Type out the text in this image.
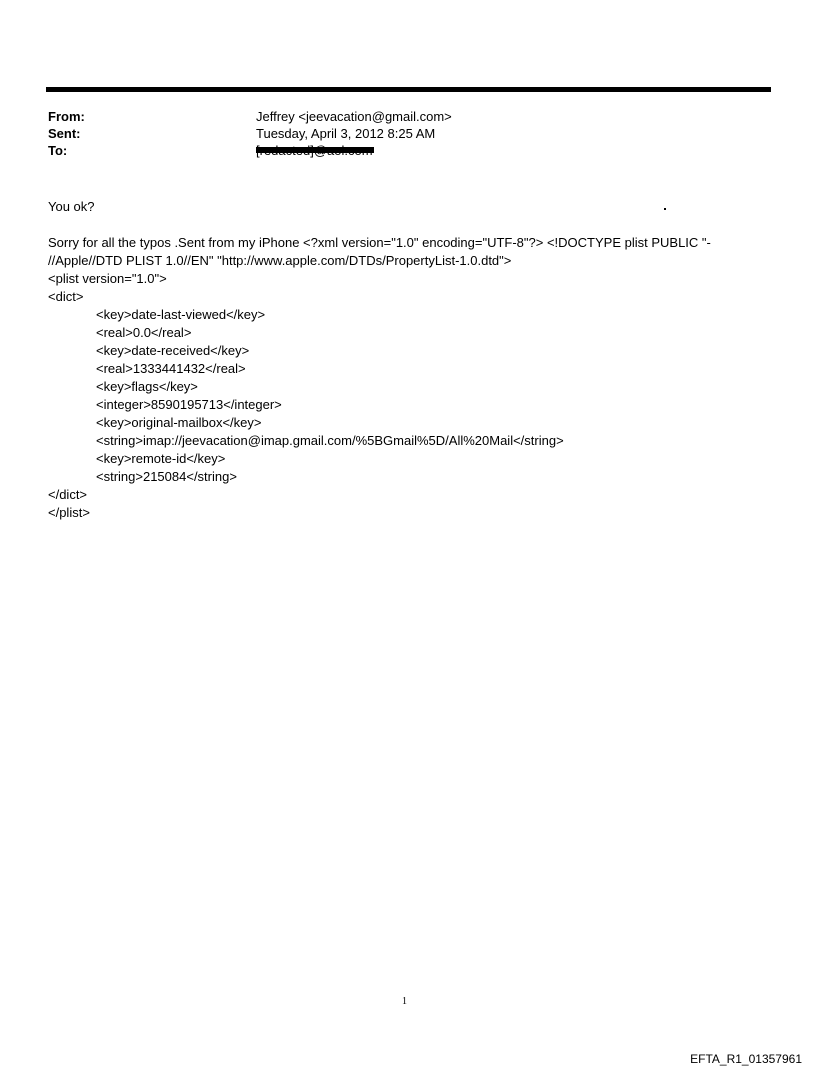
From:	Jeffrey <jeevacation@gmail.com>
Sent:	Tuesday, April 3, 2012 8:25 AM
To:
You ok?
Sorry for all the typos .Sent from my iPhone <?xml version="1.0" encoding="UTF-8"?> <!DOCTYPE plist PUBLIC "-
//Apple//DTD PLIST 1.0//EN" "http://www.apple.com/DTDs/PropertyList-1.0.dtd">
<plist version="1.0">
<dict>
<key>date-last-viewed</key>
<real>0.0</real>
<key>date-received</key>
<real>1333441432</real>
<key>flags</key>
<integer>8590195713</integer>
<key>original-mailbox</key>
<string>imap://jeevacation@imap.gmail.com/%5BGmail%5D/All%20Mail</string>
<key>remote-id</key>
<string>215084</string>
</dict>
</plist>
1
EFTA_R1_01357961
